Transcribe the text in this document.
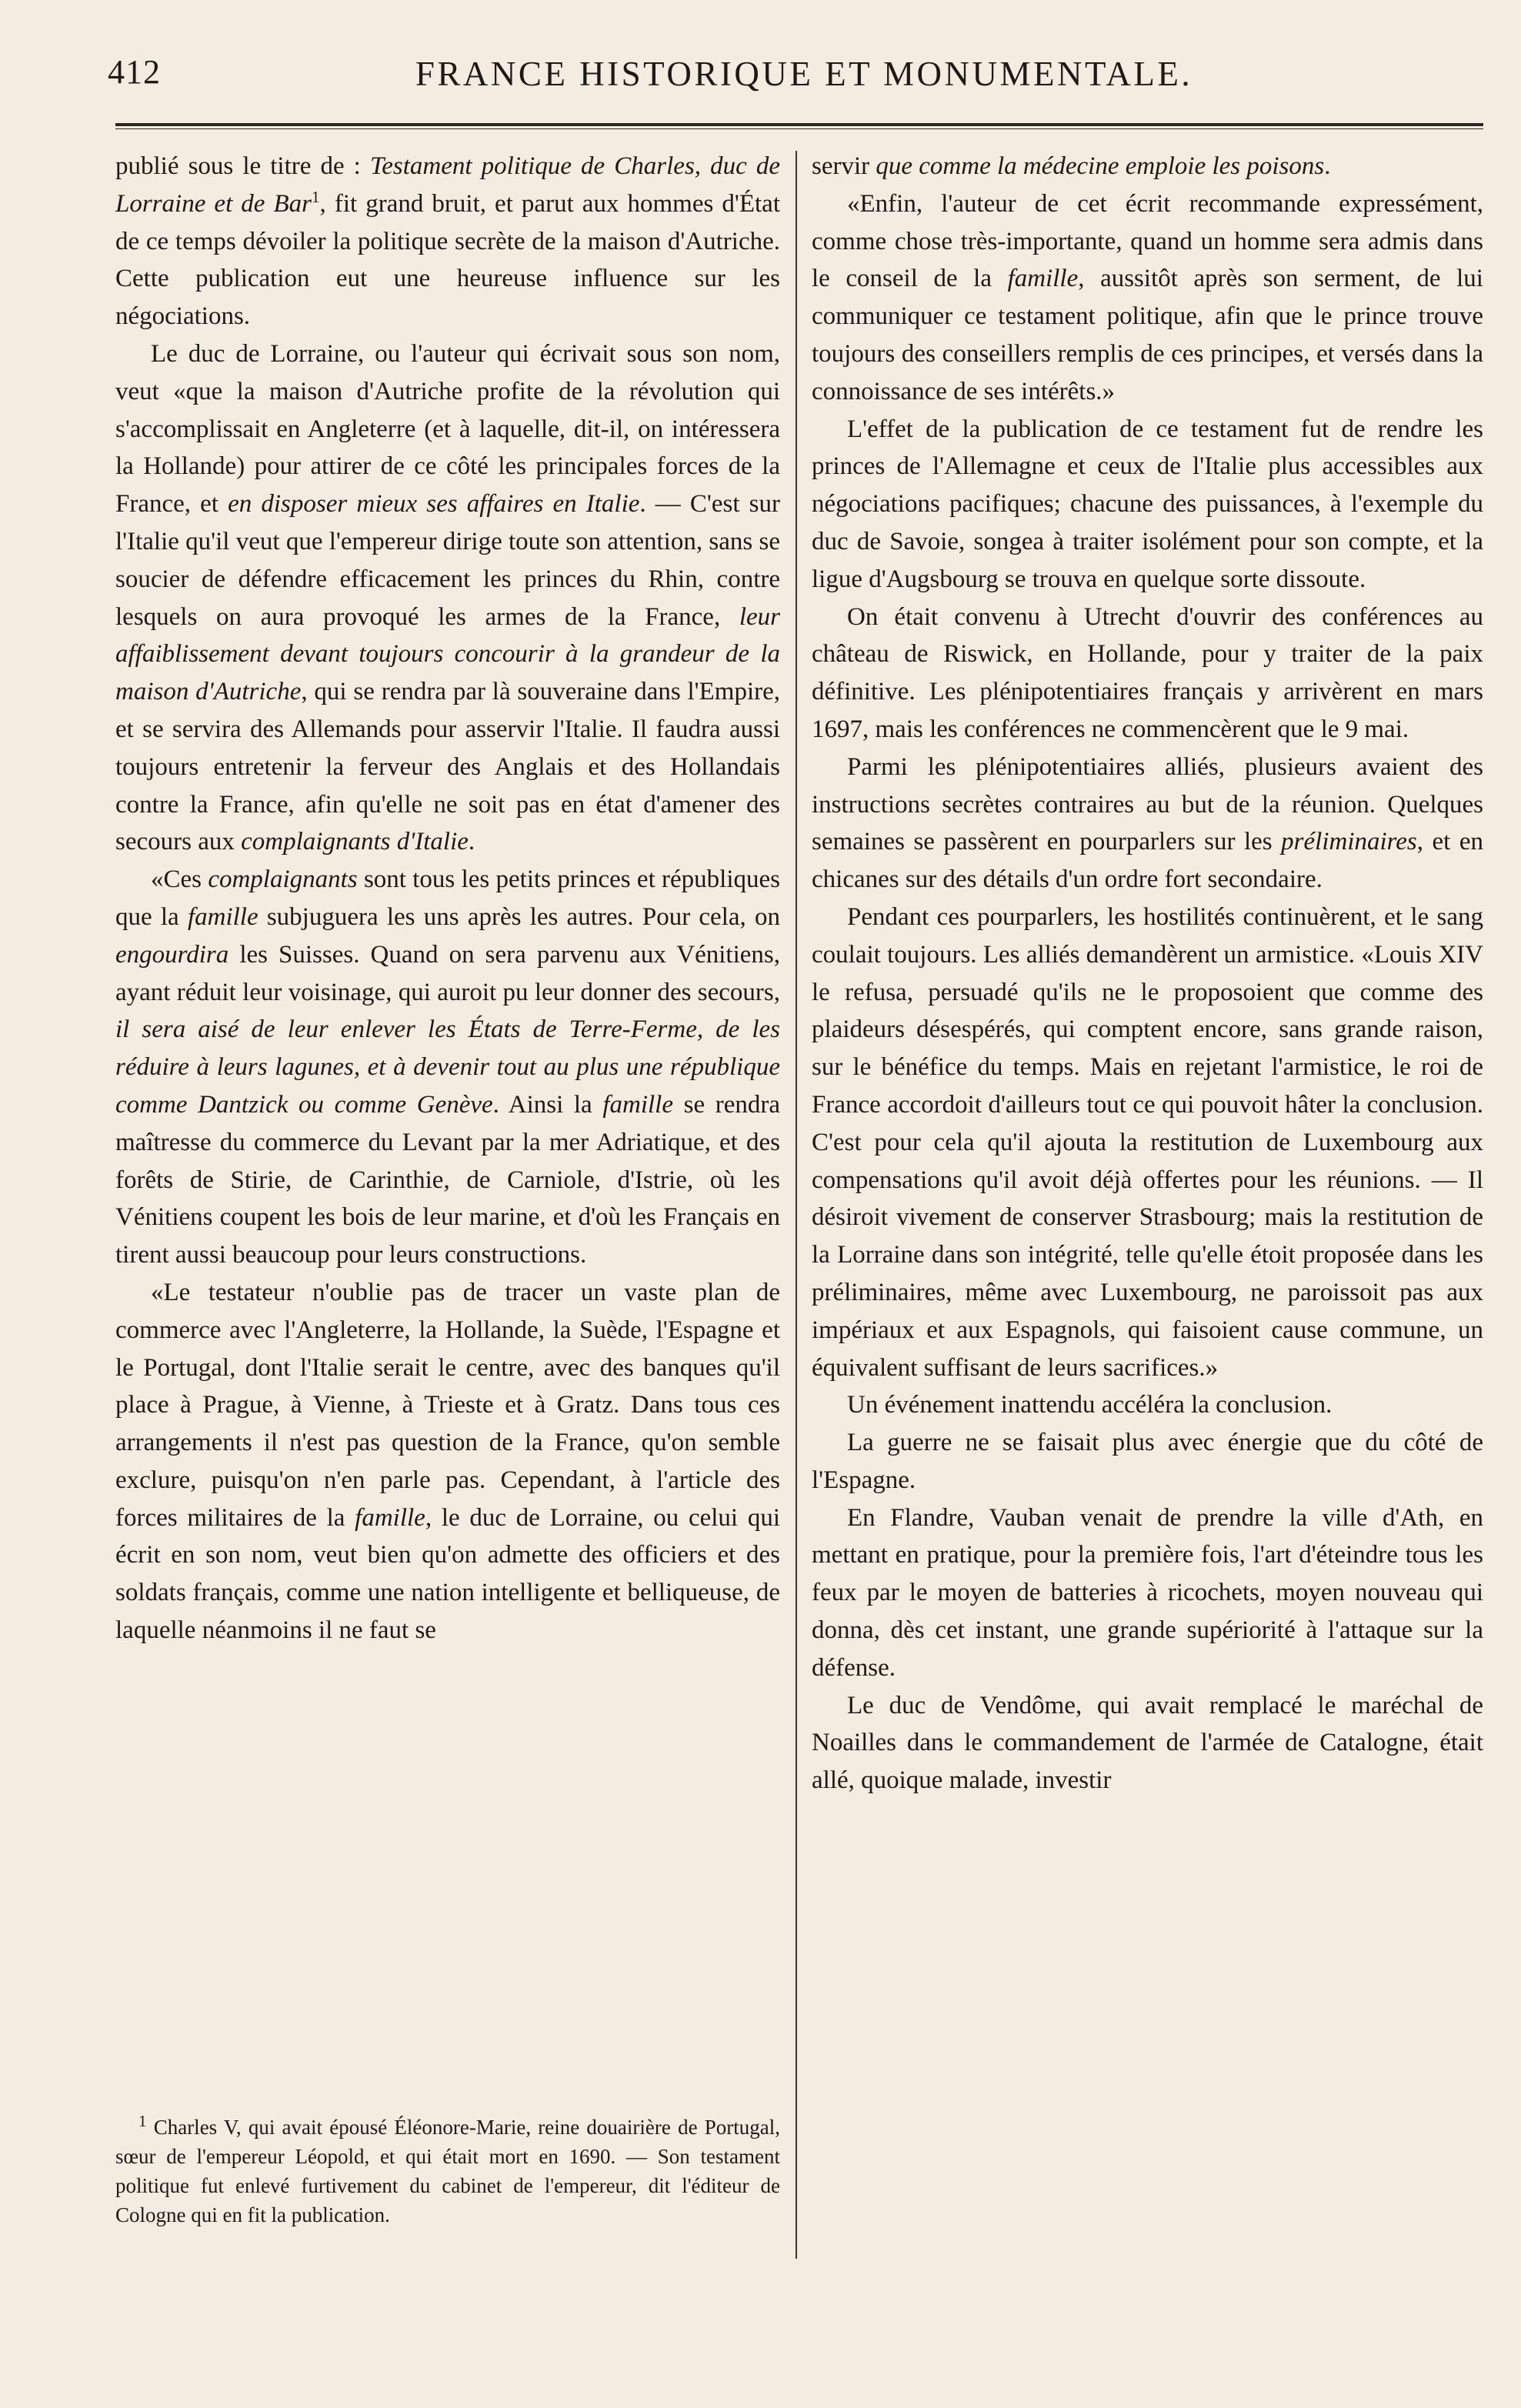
412	FRANCE HISTORIQUE ET MONUMENTALE.

publié sous le titre de : Testament politique de Charles, duc de Lorraine et de Bar$^1$, fit grand bruit, et parut aux hommes d'État de ce temps dévoiler la politique secrète de la maison d'Autriche. Cette publication eut une heureuse influence sur les négociations.

Le duc de Lorraine, ou l'auteur qui écrivait sous son nom, veut «que la maison d'Autriche profite de la révolution qui s'accomplissait en Angleterre (et à laquelle, dit-il, on intéressera la Hollande) pour attirer de ce côté les principales forces de la France, et en disposer mieux ses affaires en Italie. — C'est sur l'Italie qu'il veut que l'empereur dirige toute son attention, sans se soucier de défendre efficacement les princes du Rhin, contre lesquels on aura provoqué les armes de la France, leur affaiblissement devant toujours concourir à la grandeur de la maison d'Autriche, qui se rendra par là souveraine dans l'Empire, et se servira des Allemands pour asservir l'Italie. Il faudra aussi toujours entretenir la ferveur des Anglais et des Hollandais contre la France, afin qu'elle ne soit pas en état d'amener des secours aux complaignants d'Italie.

«Ces complaignants sont tous les petits princes et républiques que la famille subjuguera les uns après les autres. Pour cela, on engourdira les Suisses. Quand on sera parvenu aux Vénitiens, ayant réduit leur voisinage, qui auroit pu leur donner des secours, il sera aisé de leur enlever les États de Terre-Ferme, de les réduire à leurs lagunes, et à devenir tout au plus une république comme Dantzick ou comme Genève. Ainsi la famille se rendra maîtresse du commerce du Levant par la mer Adriatique, et des forêts de Stirie, de Carinthie, de Carniole, d'Istrie, où les Vénitiens coupent les bois de leur marine, et d'où les Français en tirent aussi beaucoup pour leurs constructions.

«Le testateur n'oublie pas de tracer un vaste plan de commerce avec l'Angleterre, la Hollande, la Suède, l'Espagne et le Portugal, dont l'Italie serait le centre, avec des banques qu'il place à Prague, à Vienne, à Trieste et à Gratz. Dans tous ces arrangements il n'est pas question de la France, qu'on semble exclure, puisqu'on n'en parle pas. Cependant, à l'article des forces militaires de la famille, le duc de Lorraine, ou celui qui écrit en son nom, veut bien qu'on admette des officiers et des soldats français, comme une nation intelligente et belliqueuse, de laquelle néanmoins il ne faut se

$^1$ Charles V, qui avait épousé Éléonore-Marie, reine douairière de Portugal, sœur de l'empereur Léopold, et qui était mort en 1690. — Son testament politique fut enlevé furtivement du cabinet de l'empereur, dit l'éditeur de Cologne qui en fit la publication.

servir que comme la médecine emploie les poisons.

«Enfin, l'auteur de cet écrit recommande expressément, comme chose très-importante, quand un homme sera admis dans le conseil de la famille, aussitôt après son serment, de lui communiquer ce testament politique, afin que le prince trouve toujours des conseillers remplis de ces principes, et versés dans la connoissance de ses intérêts.»

L'effet de la publication de ce testament fut de rendre les princes de l'Allemagne et ceux de l'Italie plus accessibles aux négociations pacifiques; chacune des puissances, à l'exemple du duc de Savoie, songea à traiter isolément pour son compte, et la ligue d'Augsbourg se trouva en quelque sorte dissoute.

On était convenu à Utrecht d'ouvrir des conférences au château de Riswick, en Hollande, pour y traiter de la paix définitive. Les plénipotentiaires français y arrivèrent en mars 1697, mais les conférences ne commencèrent que le 9 mai.

Parmi les plénipotentiaires alliés, plusieurs avaient des instructions secrètes contraires au but de la réunion. Quelques semaines se passèrent en pourparlers sur les préliminaires, et en chicanes sur des détails d'un ordre fort secondaire.

Pendant ces pourparlers, les hostilités continuèrent, et le sang coulait toujours. Les alliés demandèrent un armistice. «Louis XIV le refusa, persuadé qu'ils ne le proposoient que comme des plaideurs désespérés, qui comptent encore, sans grande raison, sur le bénéfice du temps. Mais en rejetant l'armistice, le roi de France accordoit d'ailleurs tout ce qui pouvoit hâter la conclusion. C'est pour cela qu'il ajouta la restitution de Luxembourg aux compensations qu'il avoit déjà offertes pour les réunions. — Il désiroit vivement de conserver Strasbourg; mais la restitution de la Lorraine dans son intégrité, telle qu'elle étoit proposée dans les préliminaires, même avec Luxembourg, ne paroissoit pas aux impériaux et aux Espagnols, qui faisoient cause commune, un équivalent suffisant de leurs sacrifices.»

Un événement inattendu accéléra la conclusion.

La guerre ne se faisait plus avec énergie que du côté de l'Espagne.

En Flandre, Vauban venait de prendre la ville d'Ath, en mettant en pratique, pour la première fois, l'art d'éteindre tous les feux par le moyen de batteries à ricochets, moyen nouveau qui donna, dès cet instant, une grande supériorité à l'attaque sur la défense.

Le duc de Vendôme, qui avait remplacé le maréchal de Noailles dans le commandement de l'armée de Catalogne, était allé, quoique malade, investir
